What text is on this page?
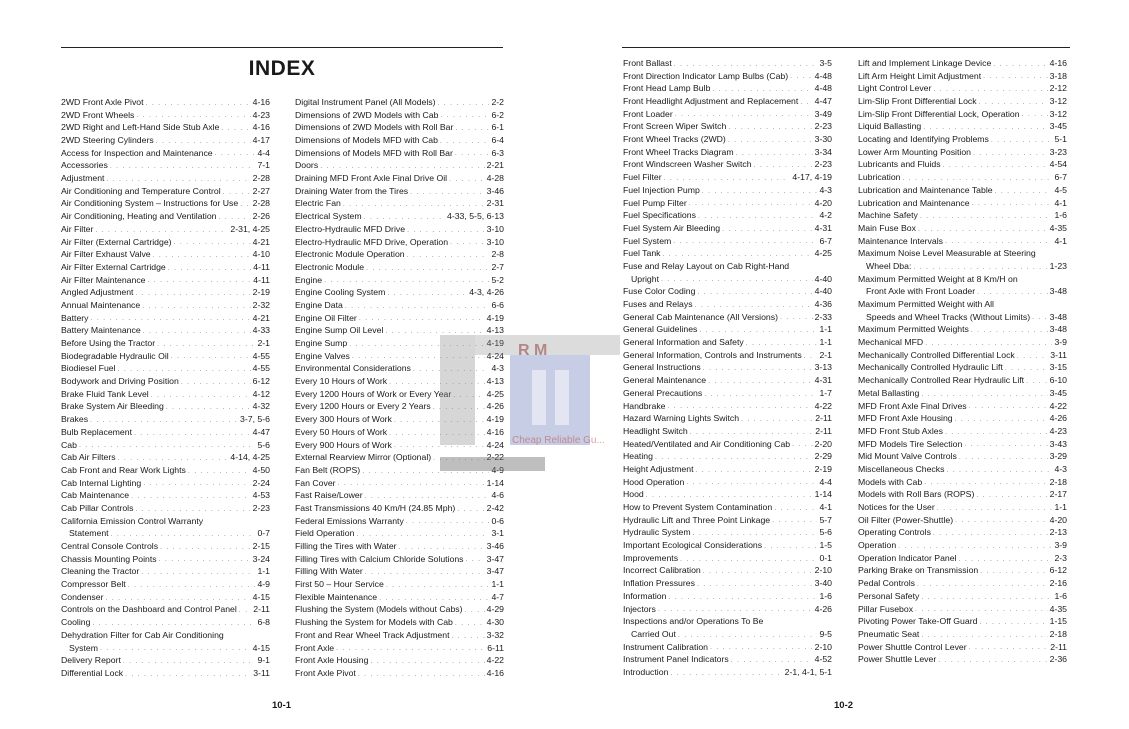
INDEX
2WD Front Axle Pivot . . .	4-16
2WD Front Wheels . . .	4-23
2WD Right and Left-Hand Side Stub Axle . . .	4-16
2WD Steering Cylinders . . .	4-17
Access for Inspection and Maintenance . . .	4-4
Accessories . . .	7-1
Adjustment . . .	2-28
Air Conditioning and Temperature Control . . .	2-27
Air Conditioning System – Instructions for Use . . . 2-28
Air Conditioning, Heating and Ventilation . . .	2-26
Air Filter . . .	2-31, 4-25
Air Filter (External Cartridge) . . .	4-21
Air Filter Exhaust Valve . . .	4-10
Air Filter External Cartridge . . .	4-11
Air Filter Maintenance . . .	4-11
Angled Adjustment . . .	2-19
Annual Maintenance . . .	2-32
Battery . . .	4-21
Battery Maintenance . . .	4-33
Before Using the Tractor . . .	2-1
Biodegradable Hydraulic Oil . . .	4-55
Biodiesel Fuel . . .	4-55
Bodywork and Driving Position . . .	6-12
Brake Fluid Tank Level . . .	4-12
Brake System Air Bleeding . . .	4-32
Brakes . . .	3-7, 5-6
Bulb Replacement . . .	4-47
Cab . . .	5-6
Cab Air Filters . . .	4-14, 4-25
Cab Front and Rear Work Lights . . .	4-50
Cab Internal Lighting . . .	2-24
Cab Maintenance . . .	4-53
Cab Pillar Controls . . .	2-23
California Emission Control Warranty
Statement . . .	0-7
Central Console Controls . . .	2-15
Chassis Mounting Points . . .	3-24
Cleaning the Tractor . . .	1-1
Compressor Belt . . .	4-9
Condenser . . .	4-15
Controls on the Dashboard and Control Panel . . . 2-11
Cooling . . .	6-8
Dehydration Filter for Cab Air Conditioning
System . . .	4-15
Delivery Report . . .	9-1
Differential Lock . . .	3-11
Digital Instrument Panel (All Models) . . .	2-2
Dimensions of 2WD Models with Cab . . .	6-2
Dimensions of 2WD Models with Roll Bar . . .	6-1
Dimensions of Models MFD with Cab . . .	6-4
Dimensions of Models MFD with Roll Bar . . .	6-3
Doors . . .	2-21
Draining MFD Front Axle Final Drive Oil . . .	4-28
Draining Water from the Tires . . .	3-46
Electric Fan . . .	2-31
Electrical System . . .	4-33, 5-5, 6-13
Electro-Hydraulic MFD Drive . . .	3-10
Electro-Hydraulic MFD Drive, Operation . . .	3-10
Electronic Module Operation . . .	2-8
Electronic Module . . .	2-7
Engine . . .	5-2
Engine Cooling System . . .	4-3, 4-26
Engine Data . . .	6-6
Engine Oil Filter . . .	4-19
Engine Sump Oil Level . . .	4-13
Engine Sump . . .	4-19
Engine Valves . . .	4-24
Environmental Considerations . . .	4-3
Every 10 Hours of Work . . .	4-13
Every 1200 Hours of Work or Every Year . . .	4-25
Every 1200 Hours or Every 2 Years . . .	4-26
Every 300 Hours of Work . . .	4-19
Every 50 Hours of Work . . .	4-16
Every 900 Hours of Work . . .	4-24
External Rearview Mirror (Optional) . . .	2-22
Fan Belt (ROPS) . . .	4-9
Fan Cover . . .	1-14
Fast Raise/Lower . . .	4-6
Fast Transmissions 40 Km/H (24.85 Mph) . . .	2-42
Federal Emissions Warranty . . .	0-6
Field Operation . . .	3-1
Filling the Tires with Water . . .	3-46
Filling Tires with Calcium Chloride Solutions . . .	3-47
Filling With Water . . .	3-47
First 50 – Hour Service . . .	1-1
Flexible Maintenance . . .	4-7
Flushing the System (Models without Cabs) . . .	4-29
Flushing the System for Models with Cab . . .	4-30
Front and Rear Wheel Track Adjustment . . .	3-32
Front Axle . . .	6-11
Front Axle Housing . . .	4-22
Front Axle Pivot . . .	4-16
10-1
Front Ballast . . .	3-5
Front Direction Indicator Lamp Bulbs (Cab) . . .	4-48
Front Head Lamp Bulb . . .	4-48
Front Headlight Adjustment and Replacement . . . 4-47
Front Loader . . .	3-49
Front Screen Wiper Switch . . .	2-23
Front Wheel Tracks (2WD) . . .	3-30
Front Wheel Tracks Diagram . . .	3-34
Front Windscreen Washer Switch . . .	2-23
Fuel Filter . . .	4-17, 4-19
Fuel Injection Pump . . .	4-3
Fuel Pump Filter . . .	4-20
Fuel Specifications . . .	4-2
Fuel System Air Bleeding . . .	4-31
Fuel System . . .	6-7
Fuel Tank . . .	4-25
Fuse and Relay Layout on Cab Right-Hand
Upright . . .	4-40
Fuse Color Coding . . .	4-40
Fuses and Relays . . .	4-36
General Cab Maintenance (All Versions) . . .	2-33
General Guidelines . . .	1-1
General Information and Safety . . .	1-1
General Information, Controls and Instruments . . . 2-1
General Instructions . . .	3-13
General Maintenance . . .	4-31
General Precautions . . .	1-7
Handbrake . . .	4-22
Hazard Warning Lights Switch . . .	2-11
Headlight Switch . . .	2-11
Heated/Ventilated and Air Conditioning Cab . . .	2-20
Heating . . .	2-29
Height Adjustment . . .	2-19
Hood Operation . . .	4-4
Hood . . .	1-14
How to Prevent System Contamination . . .	4-1
Hydraulic Lift and Three Point Linkage . . .	5-7
Hydraulic System . . .	5-6
Important Ecological Considerations . . .	1-5
Improvements . . .	0-1
Incorrect Calibration . . .	2-10
Inflation Pressures . . .	3-40
Information . . .	1-6
Injectors . . .	4-26
Inspections and/or Operations To Be
Carried Out . . .	9-5
Instrument Calibration . . .	2-10
Instrument Panel Indicators . . .	4-52
Introduction . . .	2-1, 4-1, 5-1
Lift and Implement Linkage Device . . .	4-16
Lift Arm Height Limit Adjustment . . .	3-18
Light Control Lever . . .	2-12
Lim-Slip Front Differential Lock . . .	3-12
Lim-Slip Front Differential Lock, Operation . . .	3-12
Liquid Ballasting . . .	3-45
Locating and Identifying Problems . . .	5-1
Lower Arm Mounting Position . . .	3-23
Lubricants and Fluids . . .	4-54
Lubrication . . .	6-7
Lubrication and Maintenance Table . . .	4-5
Lubrication and Maintenance . . .	4-1
Machine Safety . . .	1-6
Main Fuse Box . . .	4-35
Maintenance Intervals . . .	4-1
Maximum Noise Level Measurable at Steering
Wheel Dba: . . .	1-23
Maximum Permitted Weight at 8 Km/H on
Front Axle with Front Loader . . .	3-48
Maximum Permitted Weight with All
Speeds and Wheel Tracks (Without Limits) . . . 3-48
Maximum Permitted Weights . . .	3-48
Mechanical MFD . . .	3-9
Mechanically Controlled Differential Lock . . .	3-11
Mechanically Controlled Hydraulic Lift . . .	3-15
Mechanically Controlled Rear Hydraulic Lift . . .	6-10
Metal Ballasting . . .	3-45
MFD Front Axle Final Drives . . .	4-22
MFD Front Axle Housing . . .	4-26
MFD Front Stub Axles . . .	4-23
MFD Models Tire Selection . . .	3-43
Mid Mount Valve Controls . . .	3-29
Miscellaneous Checks . . .	4-3
Models with Cab . . .	2-18
Models with Roll Bars (ROPS) . . .	2-17
Notices for the User . . .	1-1
Oil Filter (Power-Shuttle) . . .	4-20
Operating Controls . . .	2-13
Operation . . .	3-9
Operation Indicator Panel . . .	2-3
Parking Brake on Transmission . . .	6-12
Pedal Controls . . .	2-16
Personal Safety . . .	1-6
Pillar Fusebox . . .	4-35
Pivoting Power Take-Off Guard . . .	1-15
Pneumatic Seat . . .	2-18
Power Shuttle Control Lever . . .	2-11
Power Shuttle Lever . . .	2-36
10-2
R M
Cheap Reliable Gu...
